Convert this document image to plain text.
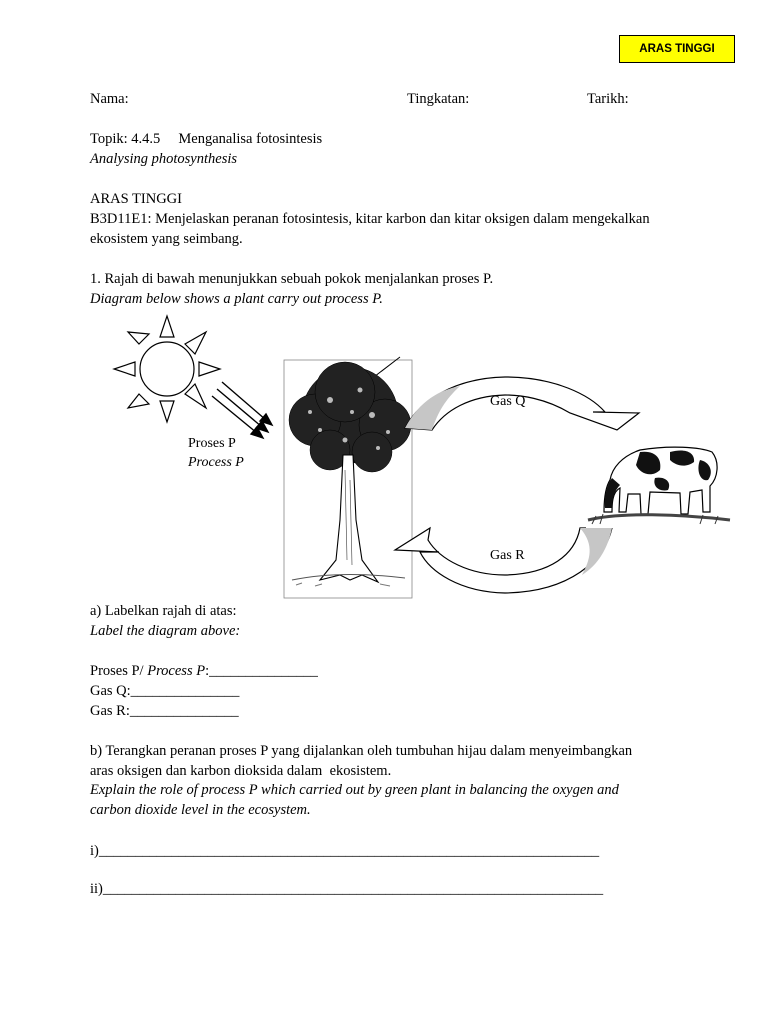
ARAS TINGGI
Nama:	Tingkatan:	Tarikh:
Topik: 4.4.5     Menganalisa fotosintesis
Analysing photosynthesis
ARAS TINGGI
B3D11E1: Menjelaskan peranan fotosintesis, kitar karbon dan kitar oksigen dalam mengekalkan
ekosistem yang seimbang.
1. Rajah di bawah menunjukkan sebuah pokok menjalankan proses P.
Diagram below shows a plant carry out process P.
Proses P
Process P
Gas Q
Gas R
a) Labelkan rajah di atas:
Label the diagram above:
Proses P/ Process P:_______________
Gas Q:_______________
Gas R:_______________
b) Terangkan peranan proses P yang dijalankan oleh tumbuhan hijau dalam menyeimbangkan
aras oksigen dan karbon dioksida dalam  ekosistem.
Explain the role of process P which carried out by green plant in balancing the oxygen and
carbon dioxide level in the ecosystem.
i)_____________________________________________________________________
ii)_____________________________________________________________________
